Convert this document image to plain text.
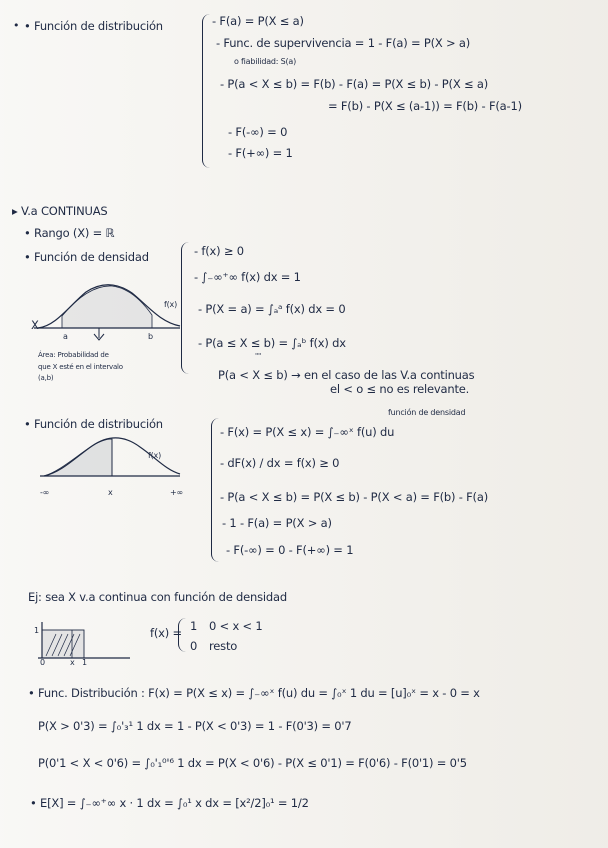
• • Función de distribución	- F(a) = P(X ≤ a)
- Func. de supervivencia = 1 - F(a) = P(X > a)
o fiabilidad: S(a)
- P(a < X ≤ b) = F(b) - F(a) = P(X ≤ b) - P(X ≤ a)
= F(b) - P(X ≤ (a-1)) = F(b) - F(a-1)
- F(-∞) = 0
- F(+∞) = 1
▸ V.a CONTINUAS
• Rango (X) = ℝ
• Función de densidad	- f(x) ≥ 0
- ∫₋∞⁺∞ f(x) dx = 1
- P(X = a) = ∫ₐᵃ f(x) dx = 0
- P(a ≤ X ≤ b) = ∫ₐᵇ f(x) dx
""
P(a < X ≤ b) → en el caso de las V.a continuas
el < o ≤ no es relevante.
X
a	b
f(x)
Área: Probabilidad de
que X esté en el intervalo
(a,b)
• Función de distribución
función de densidad
- F(x) = P(X ≤ x) = ∫₋∞ˣ f(u) du
- dF(x) / dx = f(x) ≥ 0
- P(a < X ≤ b) = P(X ≤ b) - P(X < a) = F(b) - F(a)
- 1 - F(a) = P(X > a)
- F(-∞) = 0 - F(+∞) = 1
f(x)
-∞	x	+∞
Ej: sea X v.a continua con función de densidad
1
0	x 1
f(x) = 1 0 < x < 1
0 resto
• Func. Distribución : F(x) = P(X ≤ x) = ∫₋∞ˣ f(u) du = ∫₀ˣ 1 du = [u]₀ˣ = x - 0 = x
P(X > 0'3) = ∫₀'₃¹ 1 dx = 1 - P(X < 0'3) = 1 - F(0'3) = 0'7
P(0'1 < X < 0'6) = ∫₀'₁⁰'⁶ 1 dx = P(X < 0'6) - P(X ≤ 0'1) = F(0'6) - F(0'1) = 0'5
• E[X] = ∫₋∞⁺∞ x · 1 dx = ∫₀¹ x dx = [x²/2]₀¹ = 1/2
